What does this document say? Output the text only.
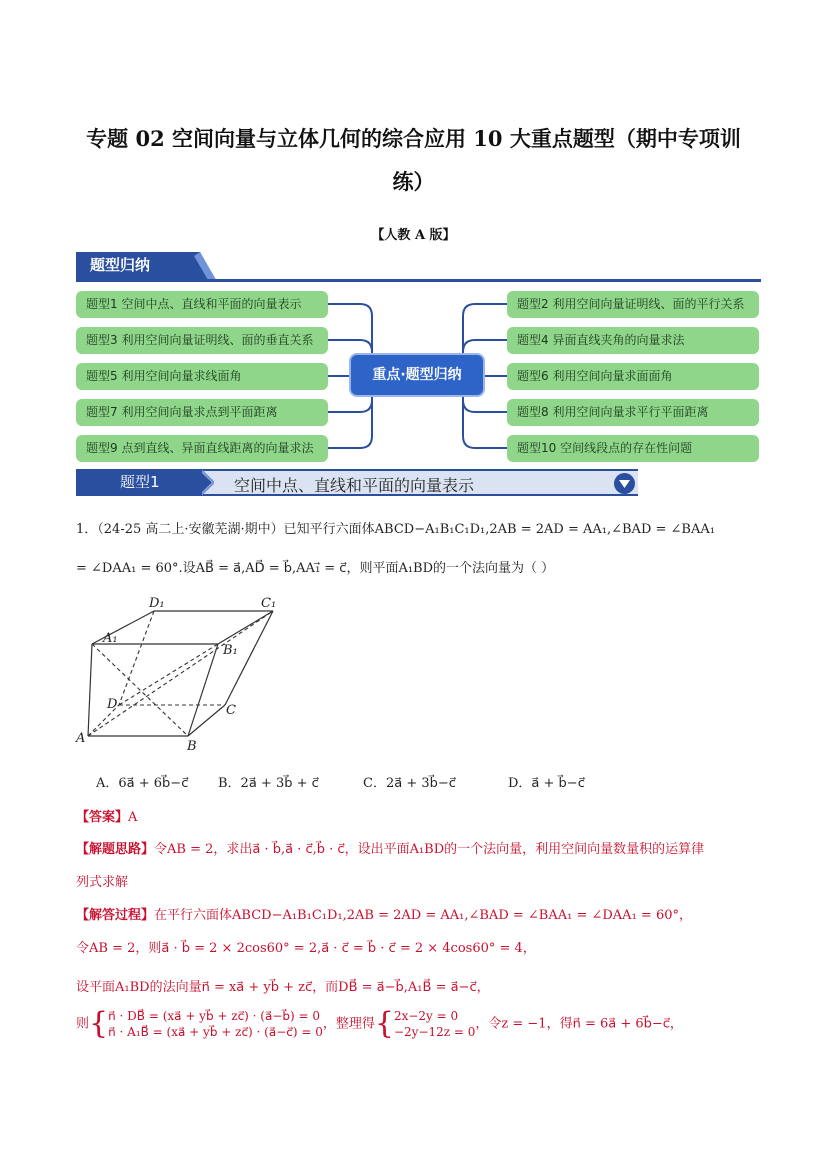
专题 02 空间向量与立体几何的综合应用 10 大重点题型（期中专项训
练）
【人教 A 版】
题型归纳
题型1 空间中点、直线和平面的向量表示
题型3 利用空间向量证明线、面的垂直关系
题型5 利用空间向量求线面角
题型7 利用空间向量求点到平面距离
题型9 点到直线、异面直线距离的向量求法
题型2 利用空间向量证明线、面的平行关系
题型4 异面直线夹角的向量求法
题型6 利用空间向量求面面角
题型8 利用空间向量求平行平面距离
题型10 空间线段点的存在性问题
重点·题型归纳
题型1	空间中点、直线和平面的向量表示
1．（24-25 高二上·安徽芜湖·期中）已知平行六面体ABCD−A₁B₁C₁D₁,2AB = 2AD = AA₁,∠BAD = ∠BAA₁
= ∠DAA₁ = 60°.设AB⃗ = a⃗,AD⃗ = b⃗,AA₁⃗ = c⃗，则平面A₁BD的一个法向量为（ ）
D₁	C₁
A₁
B₁
D	C
A
B
A．6a⃗ + 6b⃗−c⃗ B．2a⃗ + 3b⃗ + c⃗	C．2a⃗ + 3b⃗−c⃗	D．a⃗ + b⃗−c⃗
【答案】A
【解题思路】令AB = 2，求出a⃗ · b⃗,a⃗ · c⃗,b⃗ · c⃗，设出平面A₁BD的一个法向量，利用空间向量数量积的运算律
列式求解
【解答过程】在平行六面体ABCD−A₁B₁C₁D₁,2AB = 2AD = AA₁,∠BAD = ∠BAA₁ = ∠DAA₁ = 60°，
令AB = 2，则a⃗ · b⃗ = 2 × 2cos60° = 2,a⃗ · c⃗ = b⃗ · c⃗ = 2 × 4cos60° = 4，
设平面A₁BD的法向量n⃗ = xa⃗ + yb⃗ + zc⃗，而DB⃗ = a⃗−b⃗,A₁B⃗ = a⃗−c⃗，
则{n⃗ · DB⃗ = (xa⃗ + yb⃗ + zc⃗) · (a⃗−b⃗) = 0
n⃗ · A₁B⃗ = (xa⃗ + yb⃗ + zc⃗) · (a⃗−c⃗) = 0，整理得{2x−2y = 0
−2y−12z = 0，令z = −1，得n⃗ = 6a⃗ + 6b⃗−c⃗，
